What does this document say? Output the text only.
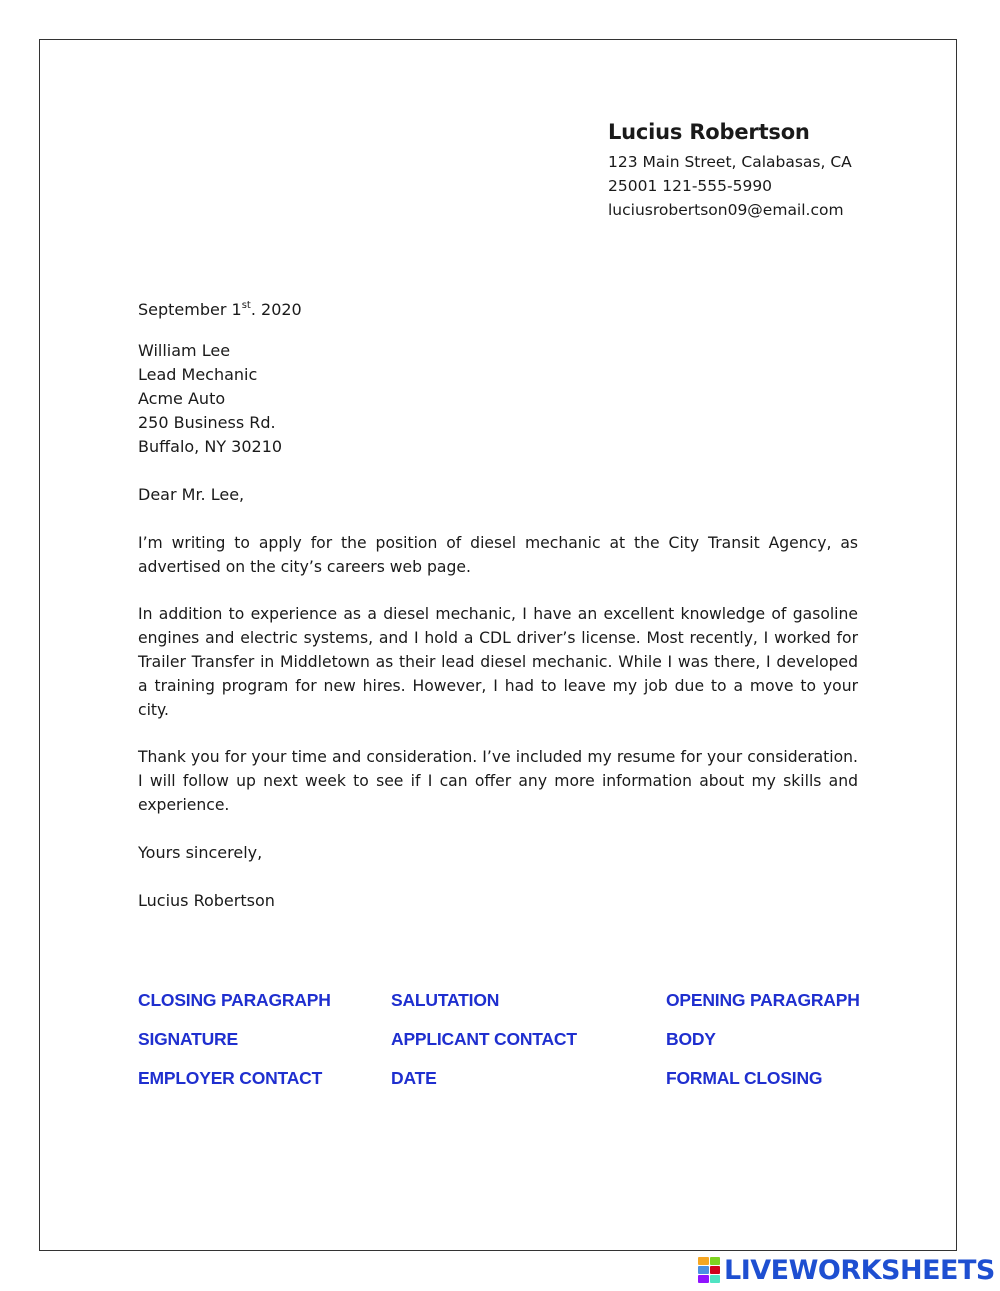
Lucius Robertson
123 Main Street, Calabasas, CA
25001 121-555-5990
luciusrobertson09@email.com
September 1st. 2020
William Lee
Lead Mechanic
Acme Auto
250 Business Rd.
Buffalo, NY 30210
Dear Mr. Lee,
I’m writing to apply for the position of diesel mechanic at the City Transit Agency, as advertised on the city’s careers web page.
In addition to experience as a diesel mechanic, I have an excellent knowledge of gasoline engines and electric systems, and I hold a CDL driver’s license. Most recently, I worked for Trailer Transfer in Middletown as their lead diesel mechanic. While I was there, I developed a training program for new hires. However, I had to leave my job due to a move to your city.
Thank you for your time and consideration. I’ve included my resume for your consideration. I will follow up next week to see if I can offer any more information about my skills and experience.
Yours sincerely,
Lucius Robertson
CLOSING PARAGRAPH	SALUTATION	OPENING PARAGRAPH
SIGNATURE	APPLICANT CONTACT	BODY
EMPLOYER CONTACT	DATE	FORMAL CLOSING
LIVEWORKSHEETS
